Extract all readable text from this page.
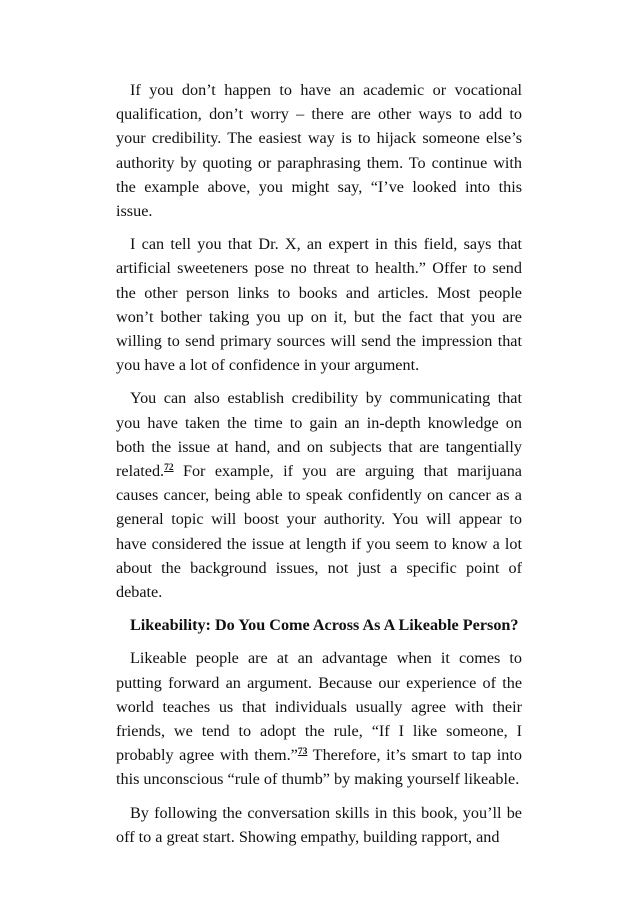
If you don’t happen to have an academic or vocational qualification, don’t worry – there are other ways to add to your credibility. The easiest way is to hijack someone else’s authority by quoting or paraphrasing them. To continue with the example above, you might say, “I’ve looked into this issue.

I can tell you that Dr. X, an expert in this field, says that artificial sweeteners pose no threat to health.” Offer to send the other person links to books and articles. Most people won’t bother taking you up on it, but the fact that you are willing to send primary sources will send the impression that you have a lot of confidence in your argument.

You can also establish credibility by communicating that you have taken the time to gain an in-depth knowledge on both the issue at hand, and on subjects that are tangentially related.$^{72}$ For example, if you are arguing that marijuana causes cancer, being able to speak confidently on cancer as a general topic will boost your authority. You will appear to have considered the issue at length if you seem to know a lot about the background issues, not just a specific point of debate.

Likeability: Do You Come Across As A Likeable Person?

Likeable people are at an advantage when it comes to putting forward an argument. Because our experience of the world teaches us that individuals usually agree with their friends, we tend to adopt the rule, “If I like someone, I probably agree with them.”$^{73}$ Therefore, it’s smart to tap into this unconscious “rule of thumb” by making yourself likeable.

By following the conversation skills in this book, you’ll be off to a great start. Showing empathy, building rapport, and
